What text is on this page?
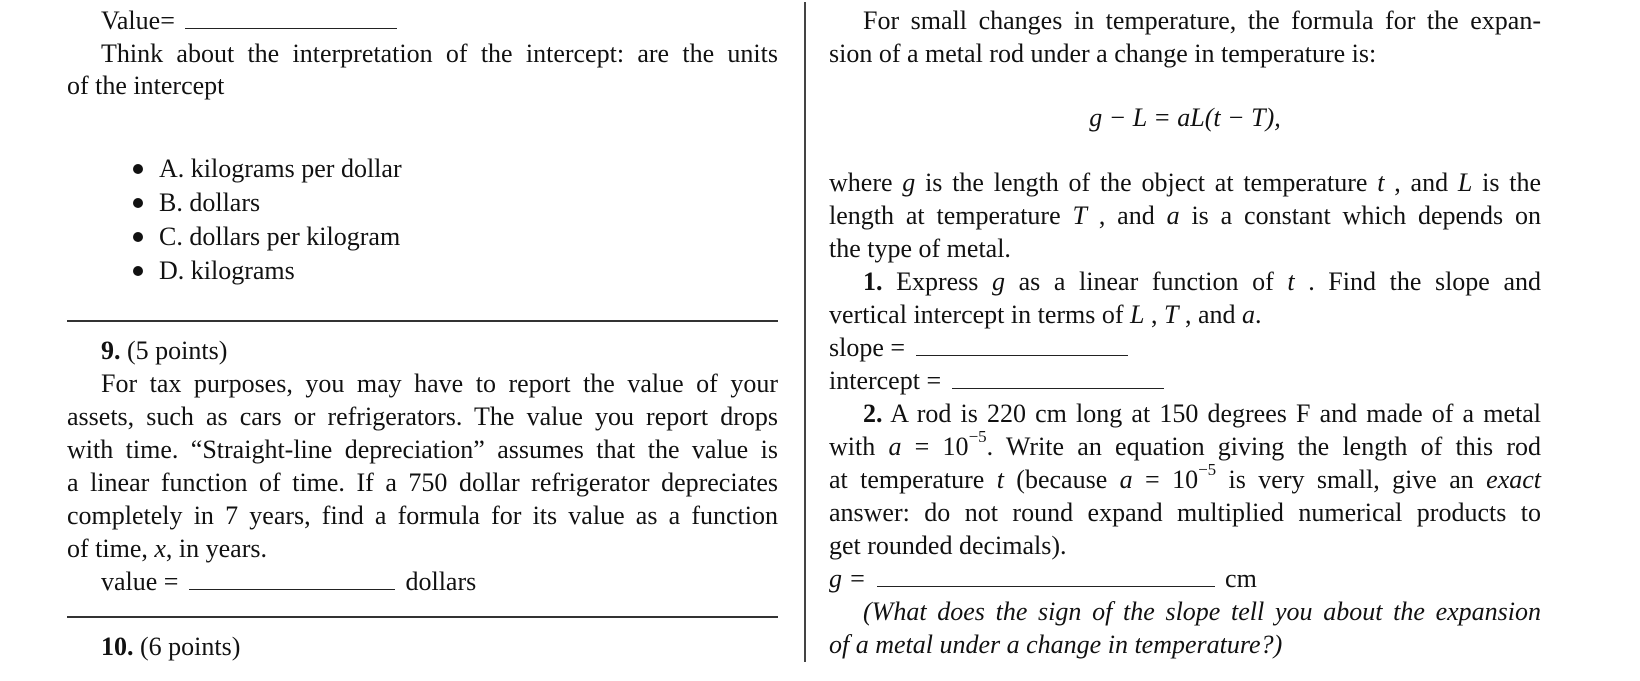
Value=
Think about the interpretation of the intercept: are the units
of the intercept
A. kilograms per dollar
B. dollars
C. dollars per kilogram
D. kilograms
9. (5 points)
For tax purposes, you may have to report the value of your
assets, such as cars or refrigerators. The value you report drops
with time. “Straight-line depreciation” assumes that the value is
a linear function of time. If a 750 dollar refrigerator depreciates
completely in 7 years, find a formula for its value as a function
of time, x, in years.
value =	dollars
10. (6 points)
For small changes in temperature, the formula for the expan-
sion of a metal rod under a change in temperature is:
g − L = aL(t − T),
where g is the length of the object at temperature t , and L is the
length at temperature T , and a is a constant which depends on
the type of metal.
1. Express g as a linear function of t . Find the slope and
vertical intercept in terms of L , T , and a.
slope =
intercept =
2. A rod is 220 cm long at 150 degrees F and made of a metal
with $a = 10^{-5}$. Write an equation giving the length of this rod
at temperature t (because $a = 10^{-5}$ is very small, give an exact
answer: do not round expand multiplied numerical products to
get rounded decimals).
g =	cm
(What does the sign of the slope tell you about the expansion
of a metal under a change in temperature?)
